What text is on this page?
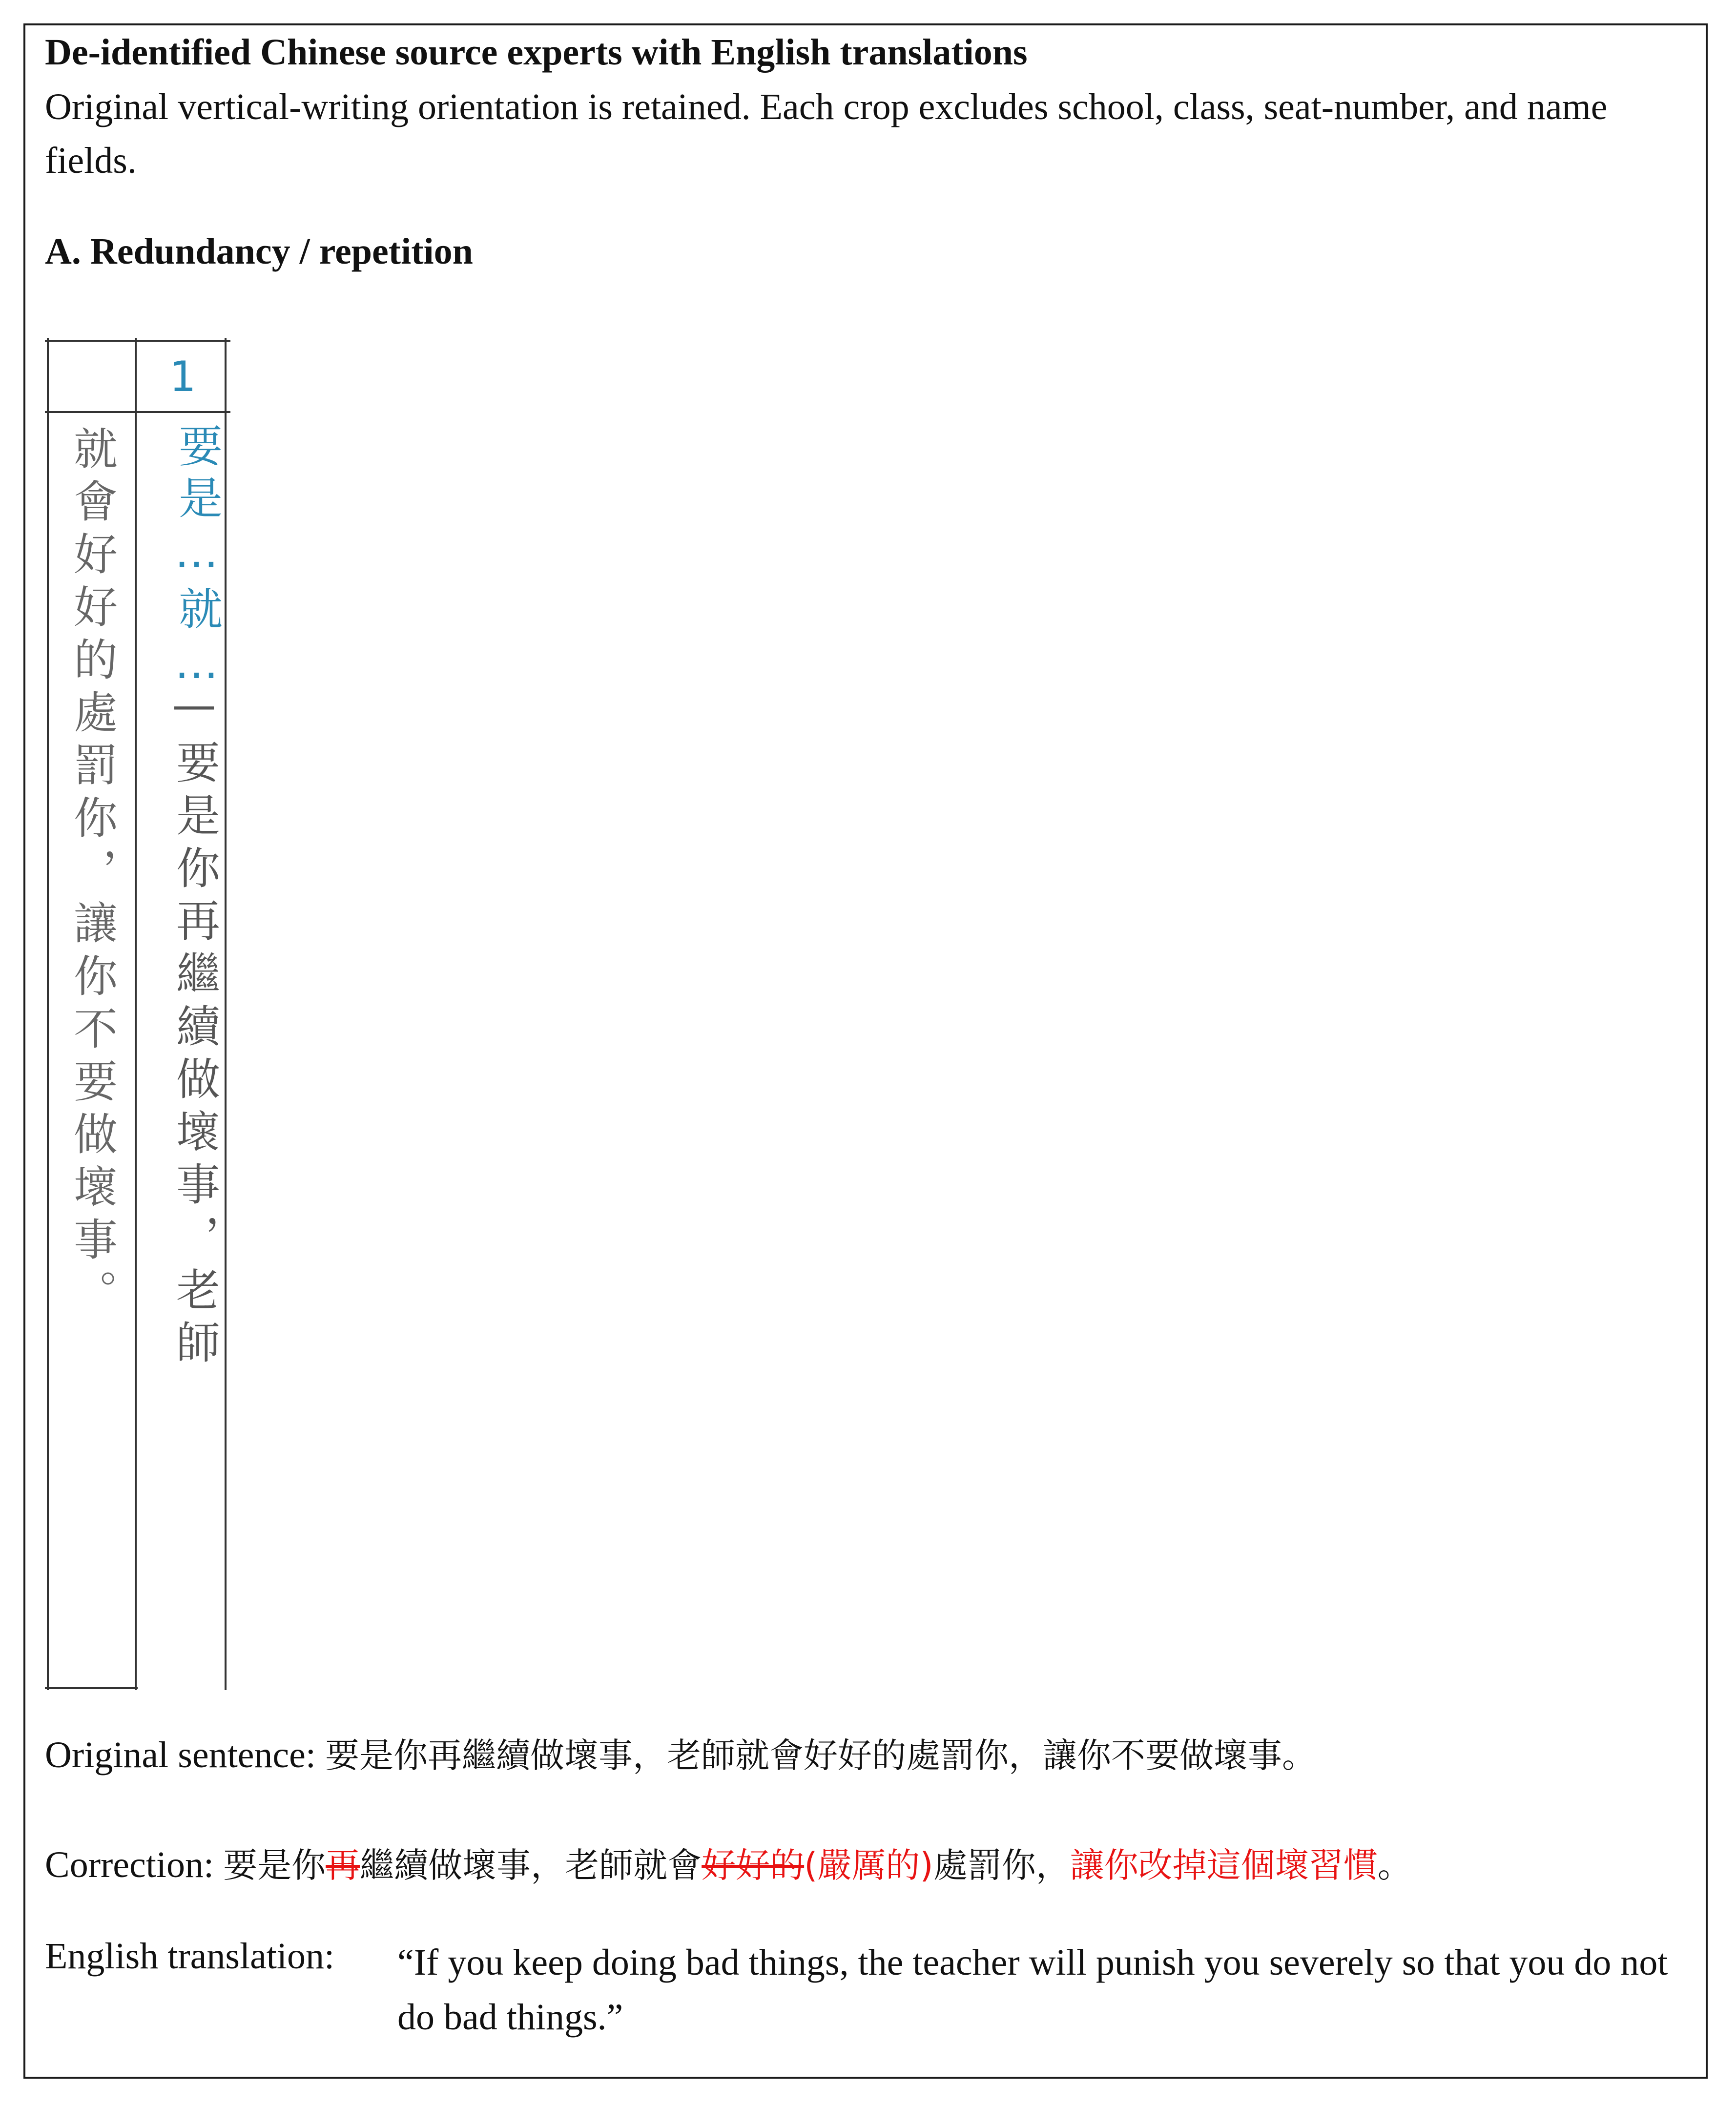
De-identified Chinese source experts with English translations

Original vertical-writing orientation is retained. Each crop excludes school, class, seat-number, and name fields.

A. Redundancy / repetition

1
要是…就…
—要是你再繼續做壞事，老師
就會好好的處罰你，讓你不要做壞事。
Original sentence: 要是你再繼續做壞事，老師就會好好的處罰你，讓你不要做壞事。
Correction: 要是你再繼續做壞事，老師就會好好的(嚴厲的)處罰你，讓你改掉這個壞習慣。
English translation: “If you keep doing bad things, the teacher will punish you severely so that you do not do bad things.”
